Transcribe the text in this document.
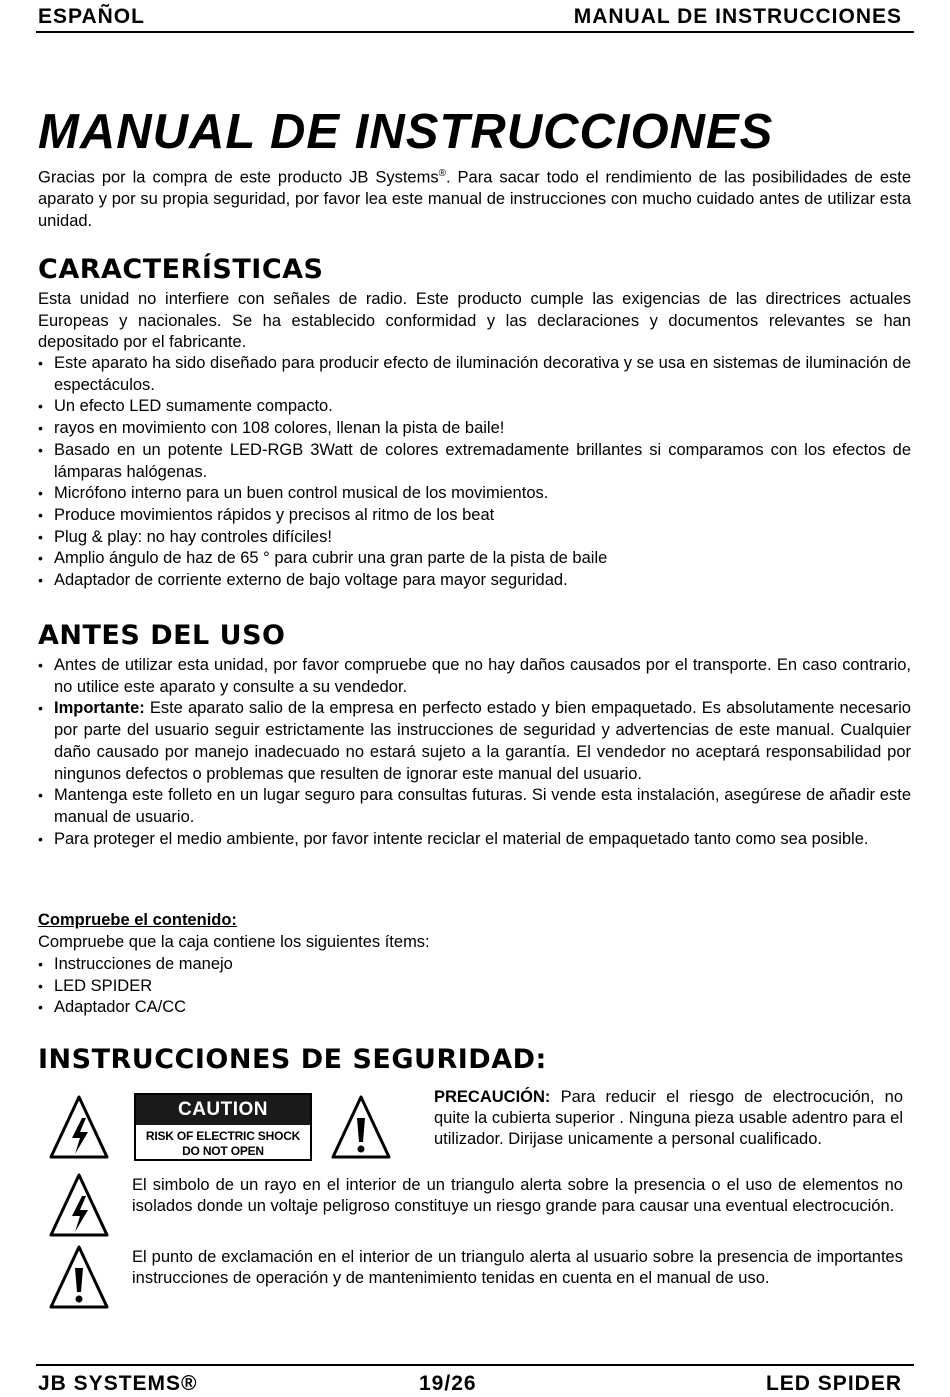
ESPAÑOL	MANUAL DE INSTRUCCIONES
MANUAL DE INSTRUCCIONES

Gracias por la compra de este producto JB Systems®. Para sacar todo el rendimiento de las posibilidades de este aparato y por su propia seguridad, por favor lea este manual de instrucciones con mucho cuidado antes de utilizar esta unidad.

CARACTERÍSTICAS

Esta unidad no interfiere con señales de radio. Este producto cumple las exigencias de las directrices actuales Europeas y nacionales. Se ha establecido conformidad y las declaraciones y documentos relevantes se han depositado por el fabricante.

• Este aparato ha sido diseñado para producir efecto de iluminación decorativa y se usa en sistemas de iluminación de espectáculos.
• Un efecto LED sumamente compacto.
• rayos en movimiento con 108 colores, llenan la pista de baile!
• Basado en un potente LED-RGB 3Watt de colores extremadamente brillantes si comparamos con los efectos de lámparas halógenas.
• Micrófono interno para un buen control musical de los movimientos.
• Produce movimientos rápidos y precisos al ritmo de los beat
• Plug & play: no hay controles difíciles!
• Amplio ángulo de haz de 65 ° para cubrir una gran parte de la pista de baile
• Adaptador de corriente externo de bajo voltage para mayor seguridad.
ANTES DEL USO
• Antes de utilizar esta unidad, por favor compruebe que no hay daños causados por el transporte. En caso contrario, no utilice este aparato y consulte a su vendedor.
• Importante: Este aparato salio de la empresa en perfecto estado y bien empaquetado. Es absolutamente necesario por parte del usuario seguir estrictamente las instrucciones de seguridad y advertencias de este manual. Cualquier daño causado por manejo inadecuado no estará sujeto a la garantía. El vendedor no aceptará responsabilidad por ningunos defectos o problemas que resulten de ignorar este manual del usuario.
• Mantenga este folleto en un lugar seguro para consultas futuras. Si vende esta instalación, asegúrese de añadir este manual de usuario.
• Para proteger el medio ambiente, por favor intente reciclar el material de empaquetado tanto como sea posible.
Compruebe el contenido:

Compruebe que la caja contiene los siguientes ítems:

• Instrucciones de manejo
• LED SPIDER
• Adaptador CA/CC
INSTRUCCIONES DE SEGURIDAD:
CAUTION
RISK OF ELECTRIC SHOCK
DO NOT OPEN

PRECAUCIÓN: Para reducir el riesgo de electrocución, no quite la cubierta superior . Ninguna pieza usable adentro para el utilizador. Dirijase unicamente a personal cualificado.

El simbolo de un rayo en el interior de un triangulo alerta sobre la presencia o el uso de elementos no isolados donde un voltaje peligroso constituye un riesgo grande para causar una eventual electrocución.

El punto de exclamación en el interior de un triangulo alerta al usuario sobre la presencia de importantes instrucciones de operación y de mantenimiento tenidas en cuenta en el manual de uso.

JB SYSTEMS®	19/26	LED SPIDER
